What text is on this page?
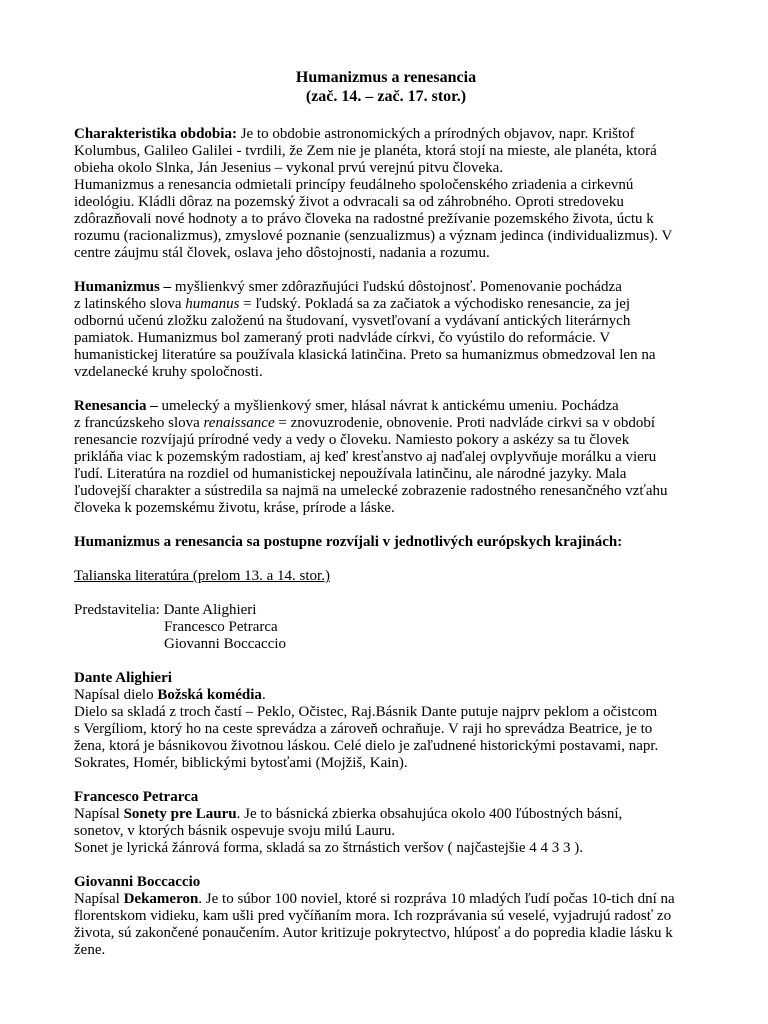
Humanizmus a renesancia
(zač. 14. – zač. 17. stor.)
Charakteristika obdobia: Je to obdobie astronomických a prírodných objavov, napr. Krištof
Kolumbus, Galileo Galilei - tvrdili, že Zem nie je planéta, ktorá stojí na mieste, ale planéta, ktorá
obieha okolo Slnka, Ján Jesenius – vykonal prvú verejnú pitvu človeka.
Humanizmus a renesancia odmietali princípy feudálneho spoločenského zriadenia a cirkevnú
ideológiu. Kládli dôraz na pozemský život a odvracali sa od záhrobného. Oproti stredoveku
zdôrazňovali nové hodnoty a to právo človeka na radostné prežívanie pozemského života, úctu k
rozumu (racionalizmus), zmyslové poznanie (senzualizmus) a význam jedinca (individualizmus). V
centre záujmu stál človek, oslava jeho dôstojnosti, nadania a rozumu.
Humanizmus – myšlienkvý smer zdôrazňujúci ľudskú dôstojnosť. Pomenovanie pochádza
z latinského slova humanus = ľudský. Pokladá sa za začiatok a východisko renesancie, za jej
odbornú učenú zložku založenú na študovaní, vysvetľovaní a vydávaní antických literárnych
pamiatok. Humanizmus bol zameraný proti nadvláde církvi, čo vyústilo do reformácie. V
humanistickej literatúre sa používala klasická latinčina. Preto sa humanizmus obmedzoval len na
vzdelanecké kruhy spoločnosti.
Renesancia – umelecký a myšlienkový smer, hlásal návrat k antickému umeniu. Pochádza
z francúzskeho slova renaissance = znovuzrodenie, obnovenie. Proti nadvláde cirkvi sa v období
renesancie rozvíjajú prírodné vedy a vedy o človeku. Namiesto pokory a askézy sa tu človek
prikláňa viac k pozemským radostiam, aj keď kresťanstvo aj naďalej ovplyvňuje morálku a vieru
ľudí. Literatúra na rozdiel od humanistickej nepoužívala latinčinu, ale národné jazyky. Mala
ľudovejší charakter a sústredila sa najmä na umelecké zobrazenie radostného renesančného vzťahu
človeka k pozemskému životu, kráse, prírode a láske.
Humanizmus a renesancia sa postupne rozvíjali v jednotlivých európskych krajinách:
Talianska literatúra (prelom 13. a 14. stor.)
Predstavitelia: Dante Alighieri
Francesco Petrarca
Giovanni Boccaccio
Dante Alighieri
Napísal dielo Božská komédia.
Dielo sa skladá z troch častí – Peklo, Očistec, Raj.Básnik Dante putuje najprv peklom a očistcom
s Vergíliom, ktorý ho na ceste sprevádza a zároveň ochraňuje. V raji ho sprevádza Beatrice, je to
žena, ktorá je básnikovou životnou láskou. Celé dielo je zaľudnené historickými postavami, napr.
Sokrates, Homér, biblickými bytosťami (Mojžiš, Kain).
Francesco Petrarca
Napísal Sonety pre Lauru. Je to básnická zbierka obsahujúca okolo 400 ľúbostných básní,
sonetov, v ktorých básnik ospevuje svoju milú Lauru.
Sonet je lyrická žánrová forma, skladá sa zo štrnástich veršov ( najčastejšie 4 4 3 3 ).
Giovanni Boccaccio
Napísal Dekameron. Je to súbor 100 noviel, ktoré si rozpráva 10 mladých ľudí počas 10-tich dní na
florentskom vidieku, kam ušli pred vyčíňaním mora. Ich rozprávania sú veselé, vyjadrujú radosť zo
života, sú zakončené ponaučením. Autor kritizuje pokrytectvo, hlúposť a do popredia kladie lásku k
žene.
